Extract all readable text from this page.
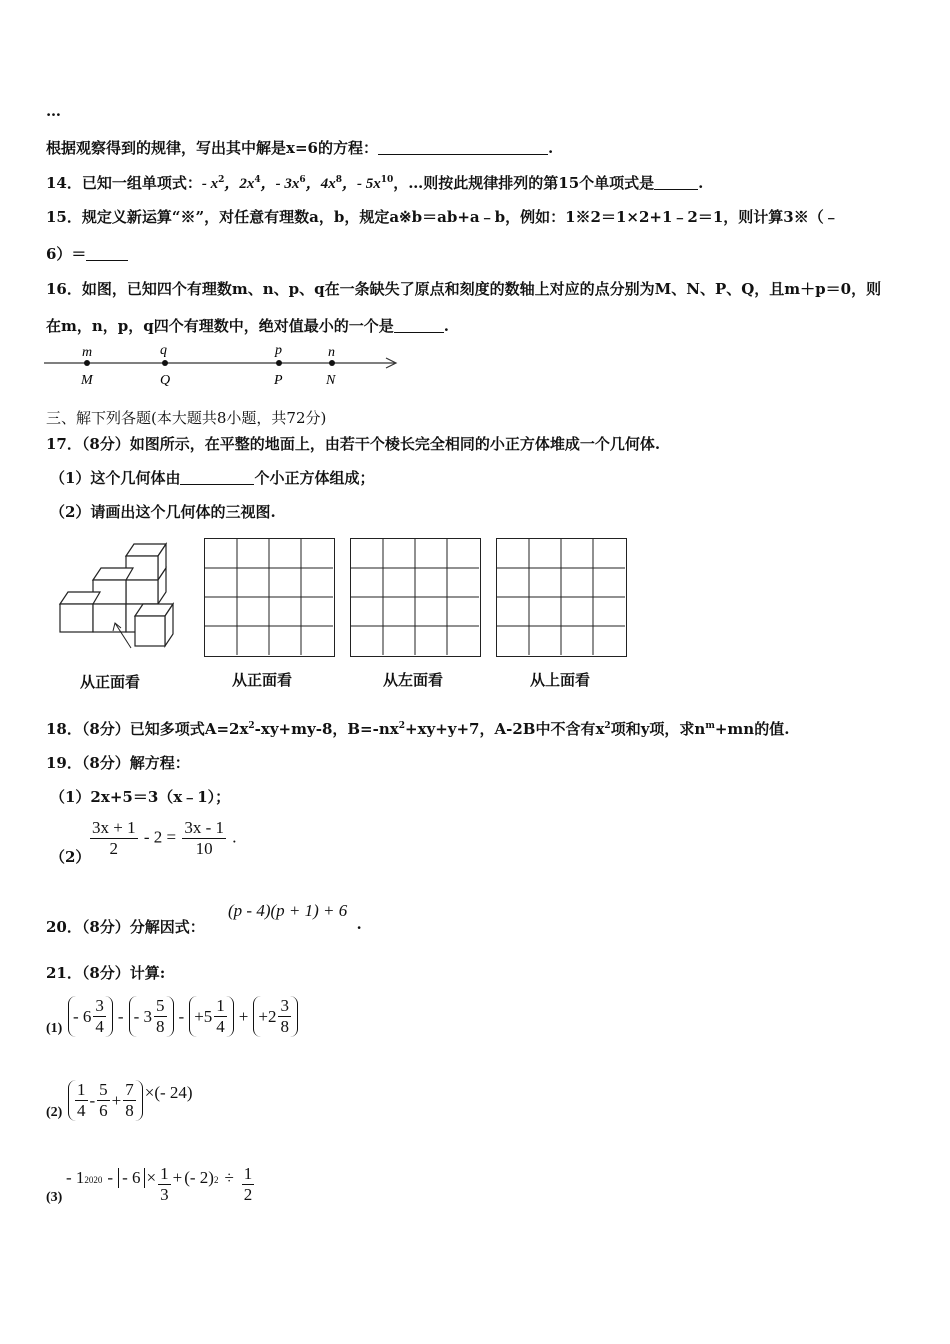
…
根据观察得到的规律，写出其中解是x=6的方程：	.
14．已知一组单项式：- $x^2$，$2x^4$，- $3x^6$，$4x^8$，- $5x^{10}$，…则按此规律排列的第15个单项式是	.
15．规定义新运算“※”，对任意有理数a，b，规定a※b＝ab+a﹣b，例如：1※2＝1×2+1﹣2＝1，则计算3※（﹣
6）＝
16．如图，已知四个有理数m、n、p、q在一条缺失了原点和刻度的数轴上对应的点分别为M、N、P、Q，且m＋p＝0，则
在m，n，p，q四个有理数中，绝对值最小的一个是	.
m	q	p	n
M	Q	P	N
三、解下列各题(本大题共8小题，共72分)
17．（8分）如图所示，在平整的地面上，由若干个棱长完全相同的小正方体堆成一个几何体.
（1）这个几何体由	个小正方体组成；
（2）请画出这个几何体的三视图.
从正面看	从正面看	从左面看	从上面看
18．（8分）已知多项式$A=2x^2-xy+my-8$，$B=-nx^2+xy+y+7$，A-2B中不含有$x^2$项和y项，求$n^m+mn$的值.
19．（8分）解方程：
（1）2x+5＝3（x﹣1）；
$(2) \frac{3x + 1}{2} - 2 = \frac{3x - 1}{10}$ .
20．（8分）分解因式：
(p - 4)(p + 1) + 6
.
21．（8分）计算:
(1)
- $6 \frac{3}{4}$ - - $3 \frac{5}{8} - +5 \frac{1}{4} + +2 \frac{3}{8}$
$(2) \frac{1}{4} - \frac{5}{6} + \frac{7}{8}$ ×(- 24)
(3)
- 1 2020 - - $6 \times \frac{1}{3}$ + (- 2) $2 \div \frac{1}{2}$
